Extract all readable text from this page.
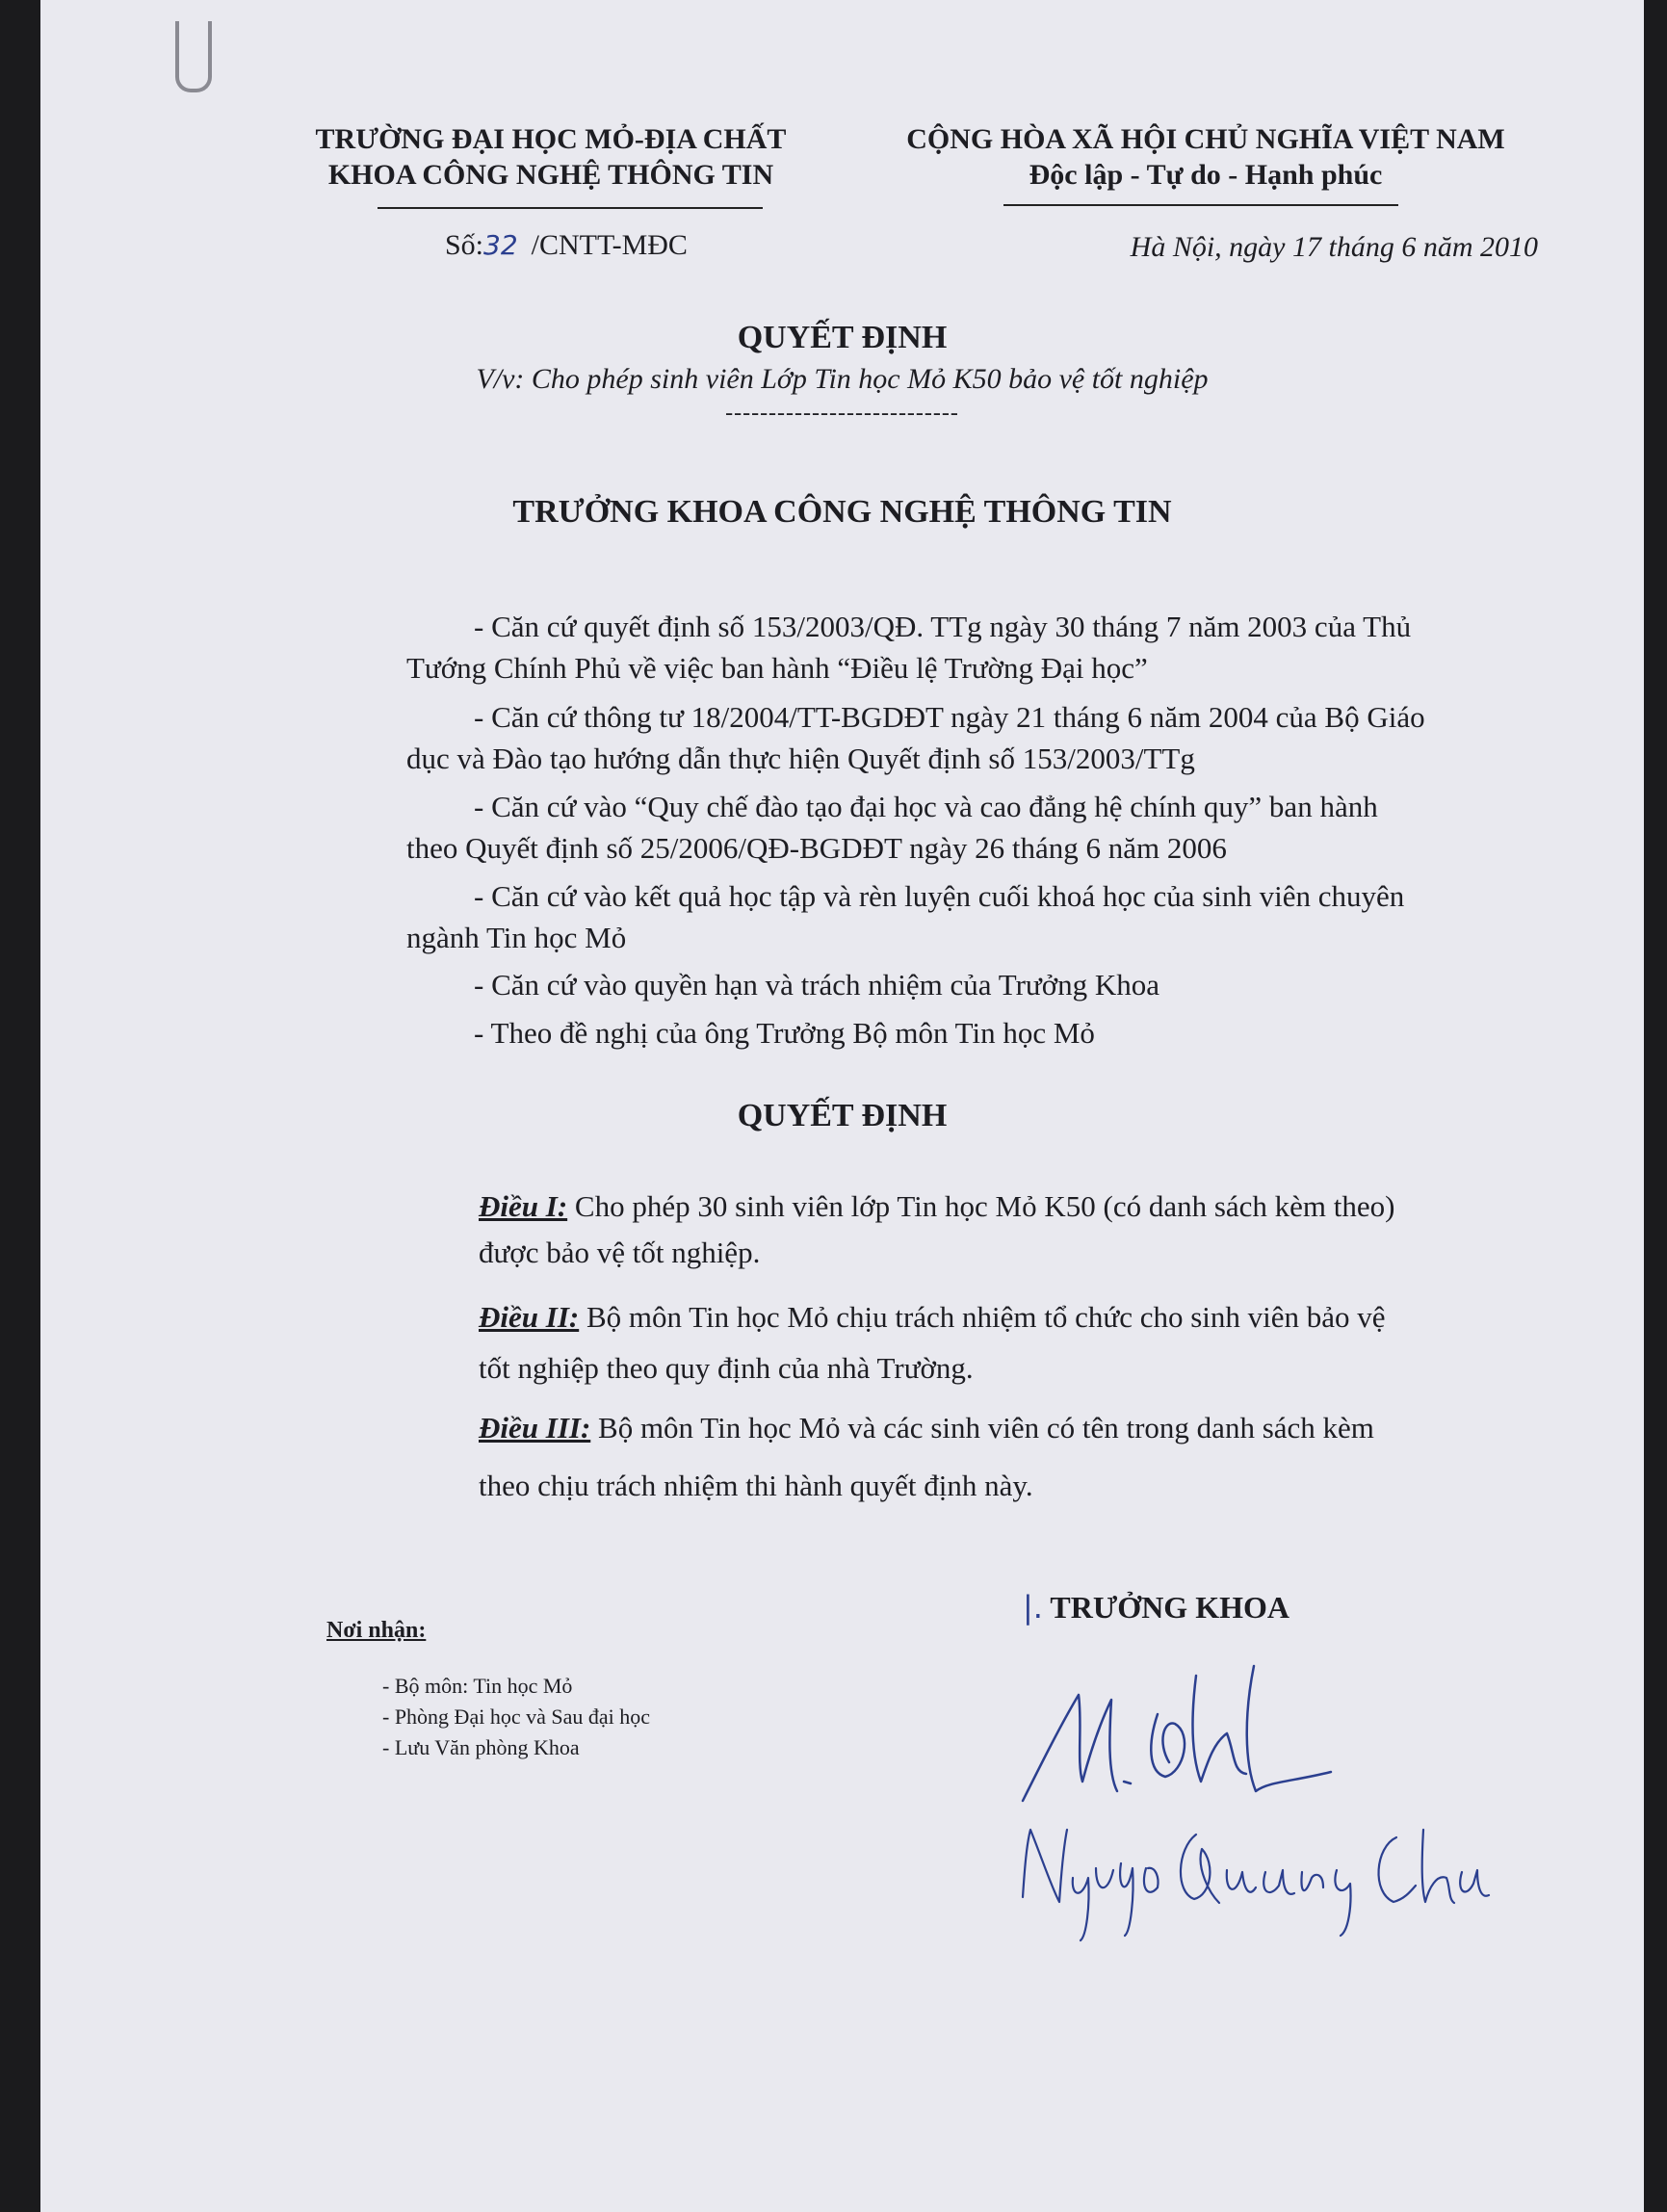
TRƯỜNG ĐẠI HỌC MỎ-ĐỊA CHẤT
KHOA CÔNG NGHỆ THÔNG TIN
CỘNG HÒA XÃ HỘI CHỦ NGHĨA VIỆT NAM
Độc lập - Tự do - Hạnh phúc
Số:32 /CNTT-MĐC	Hà Nội, ngày 17 tháng 6 năm 2010
QUYẾT ĐỊNH
V/v: Cho phép sinh viên Lớp Tin học Mỏ K50 bảo vệ tốt nghiệp
---------------------------
TRƯỞNG KHOA CÔNG NGHỆ THÔNG TIN
- Căn cứ quyết định số 153/2003/QĐ. TTg ngày 30 tháng 7 năm 2003 của Thủ
Tướng Chính Phủ về việc ban hành “Điều lệ Trường Đại học”
- Căn cứ thông tư 18/2004/TT-BGDĐT ngày 21 tháng 6 năm 2004 của Bộ Giáo
dục và Đào tạo hướng dẫn thực hiện Quyết định số 153/2003/TTg
- Căn cứ vào “Quy chế đào tạo đại học và cao đẳng hệ chính quy” ban hành
theo Quyết định số 25/2006/QĐ-BGDĐT ngày 26 tháng 6 năm 2006
- Căn cứ vào kết quả học tập và rèn luyện cuối khoá học của sinh viên chuyên
ngành Tin học Mỏ
- Căn cứ vào quyền hạn và trách nhiệm của Trưởng Khoa
- Theo đề nghị của ông Trưởng Bộ môn Tin học Mỏ
QUYẾT ĐỊNH
Điều I: Cho phép 30 sinh viên lớp Tin học Mỏ K50 (có danh sách kèm theo)
được bảo vệ tốt nghiệp.
Điều II: Bộ môn Tin học Mỏ chịu trách nhiệm tổ chức cho sinh viên bảo vệ
tốt nghiệp theo quy định của nhà Trường.
Điều III: Bộ môn Tin học Mỏ và các sinh viên có tên trong danh sách kèm
theo chịu trách nhiệm thi hành quyết định này.
Nơi nhận:
- Bộ môn: Tin học Mỏ
- Phòng Đại học và Sau đại học
- Lưu Văn phòng Khoa
|. TRƯỞNG KHOA
